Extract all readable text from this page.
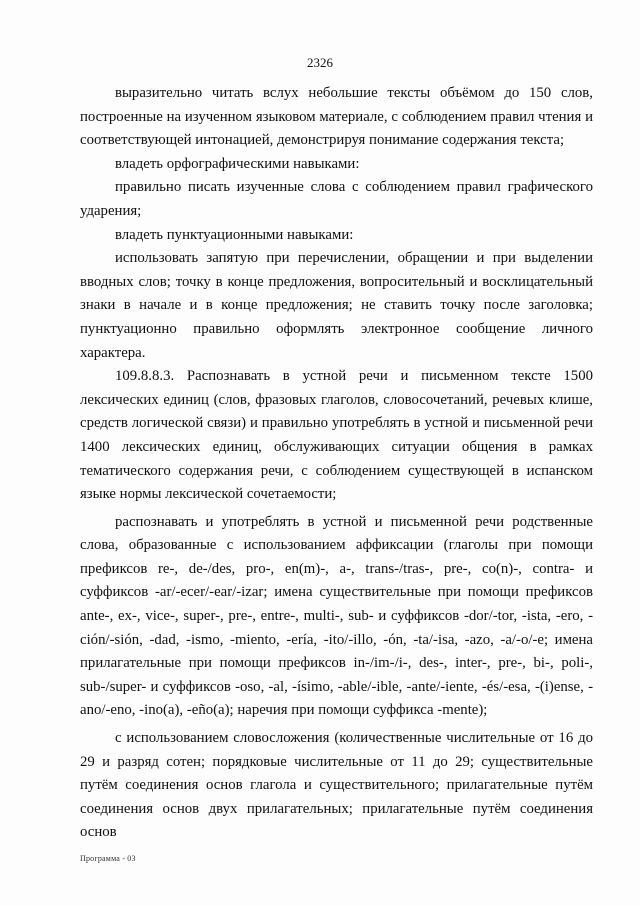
2326

выразительно читать вслух небольшие тексты объёмом до 150 слов, построенные на изученном языковом материале, с соблюдением правил чтения и соответствующей интонацией, демонстрируя понимание содержания текста;

владеть орфографическими навыками:

правильно писать изученные слова с соблюдением правил графического ударения;

владеть пунктуационными навыками:

использовать запятую при перечислении, обращении и при выделении вводных слов; точку в конце предложения, вопросительный и восклицательный знаки в начале и в конце предложения; не ставить точку после заголовка; пунктуационно правильно оформлять электронное сообщение личного характера.

109.8.8.3. Распознавать в устной речи и письменном тексте 1500 лексических единиц (слов, фразовых глаголов, словосочетаний, речевых клише, средств логической связи) и правильно употреблять в устной и письменной речи 1400 лексических единиц, обслуживающих ситуации общения в рамках тематического содержания речи, с соблюдением существующей в испанском языке нормы лексической сочетаемости;

распознавать и употреблять в устной и письменной речи родственные слова, образованные с использованием аффиксации (глаголы при помощи префиксов re-, de-/des, pro-, en(m)-, a-, trans-/tras-, pre-, co(n)-, contra- и суффиксов -ar/-ecer/-ear/-izar; имена существительные при помощи префиксов ante-, ex-, vice-, super-, pre-, entre-, multi-, sub- и суффиксов -dor/-tor, -ista, -ero, -ción/-sión, -dad, -ismo, -miento, -ería, -ito/-illo, -ón, -ta/-isa, -azo, -a/-o/-e; имена прилагательные при помощи префиксов in-/im-/i-, des-, inter-, pre-, bi-, poli-, sub-/super- и суффиксов -oso, -al, -ísimo, -able/-ible, -ante/-iente, -és/-esa, -(i)ense, -ano/-eno, -ino(a), -eño(a); наречия при помощи суффикса -mente);

с использованием словосложения (количественные числительные от 16 до 29 и разряд сотен; порядковые числительные от 11 до 29; существительные путём соединения основ глагола и существительного; прилагательные путём соединения основ двух прилагательных; прилагательные путём соединения основ

Программа - 03
